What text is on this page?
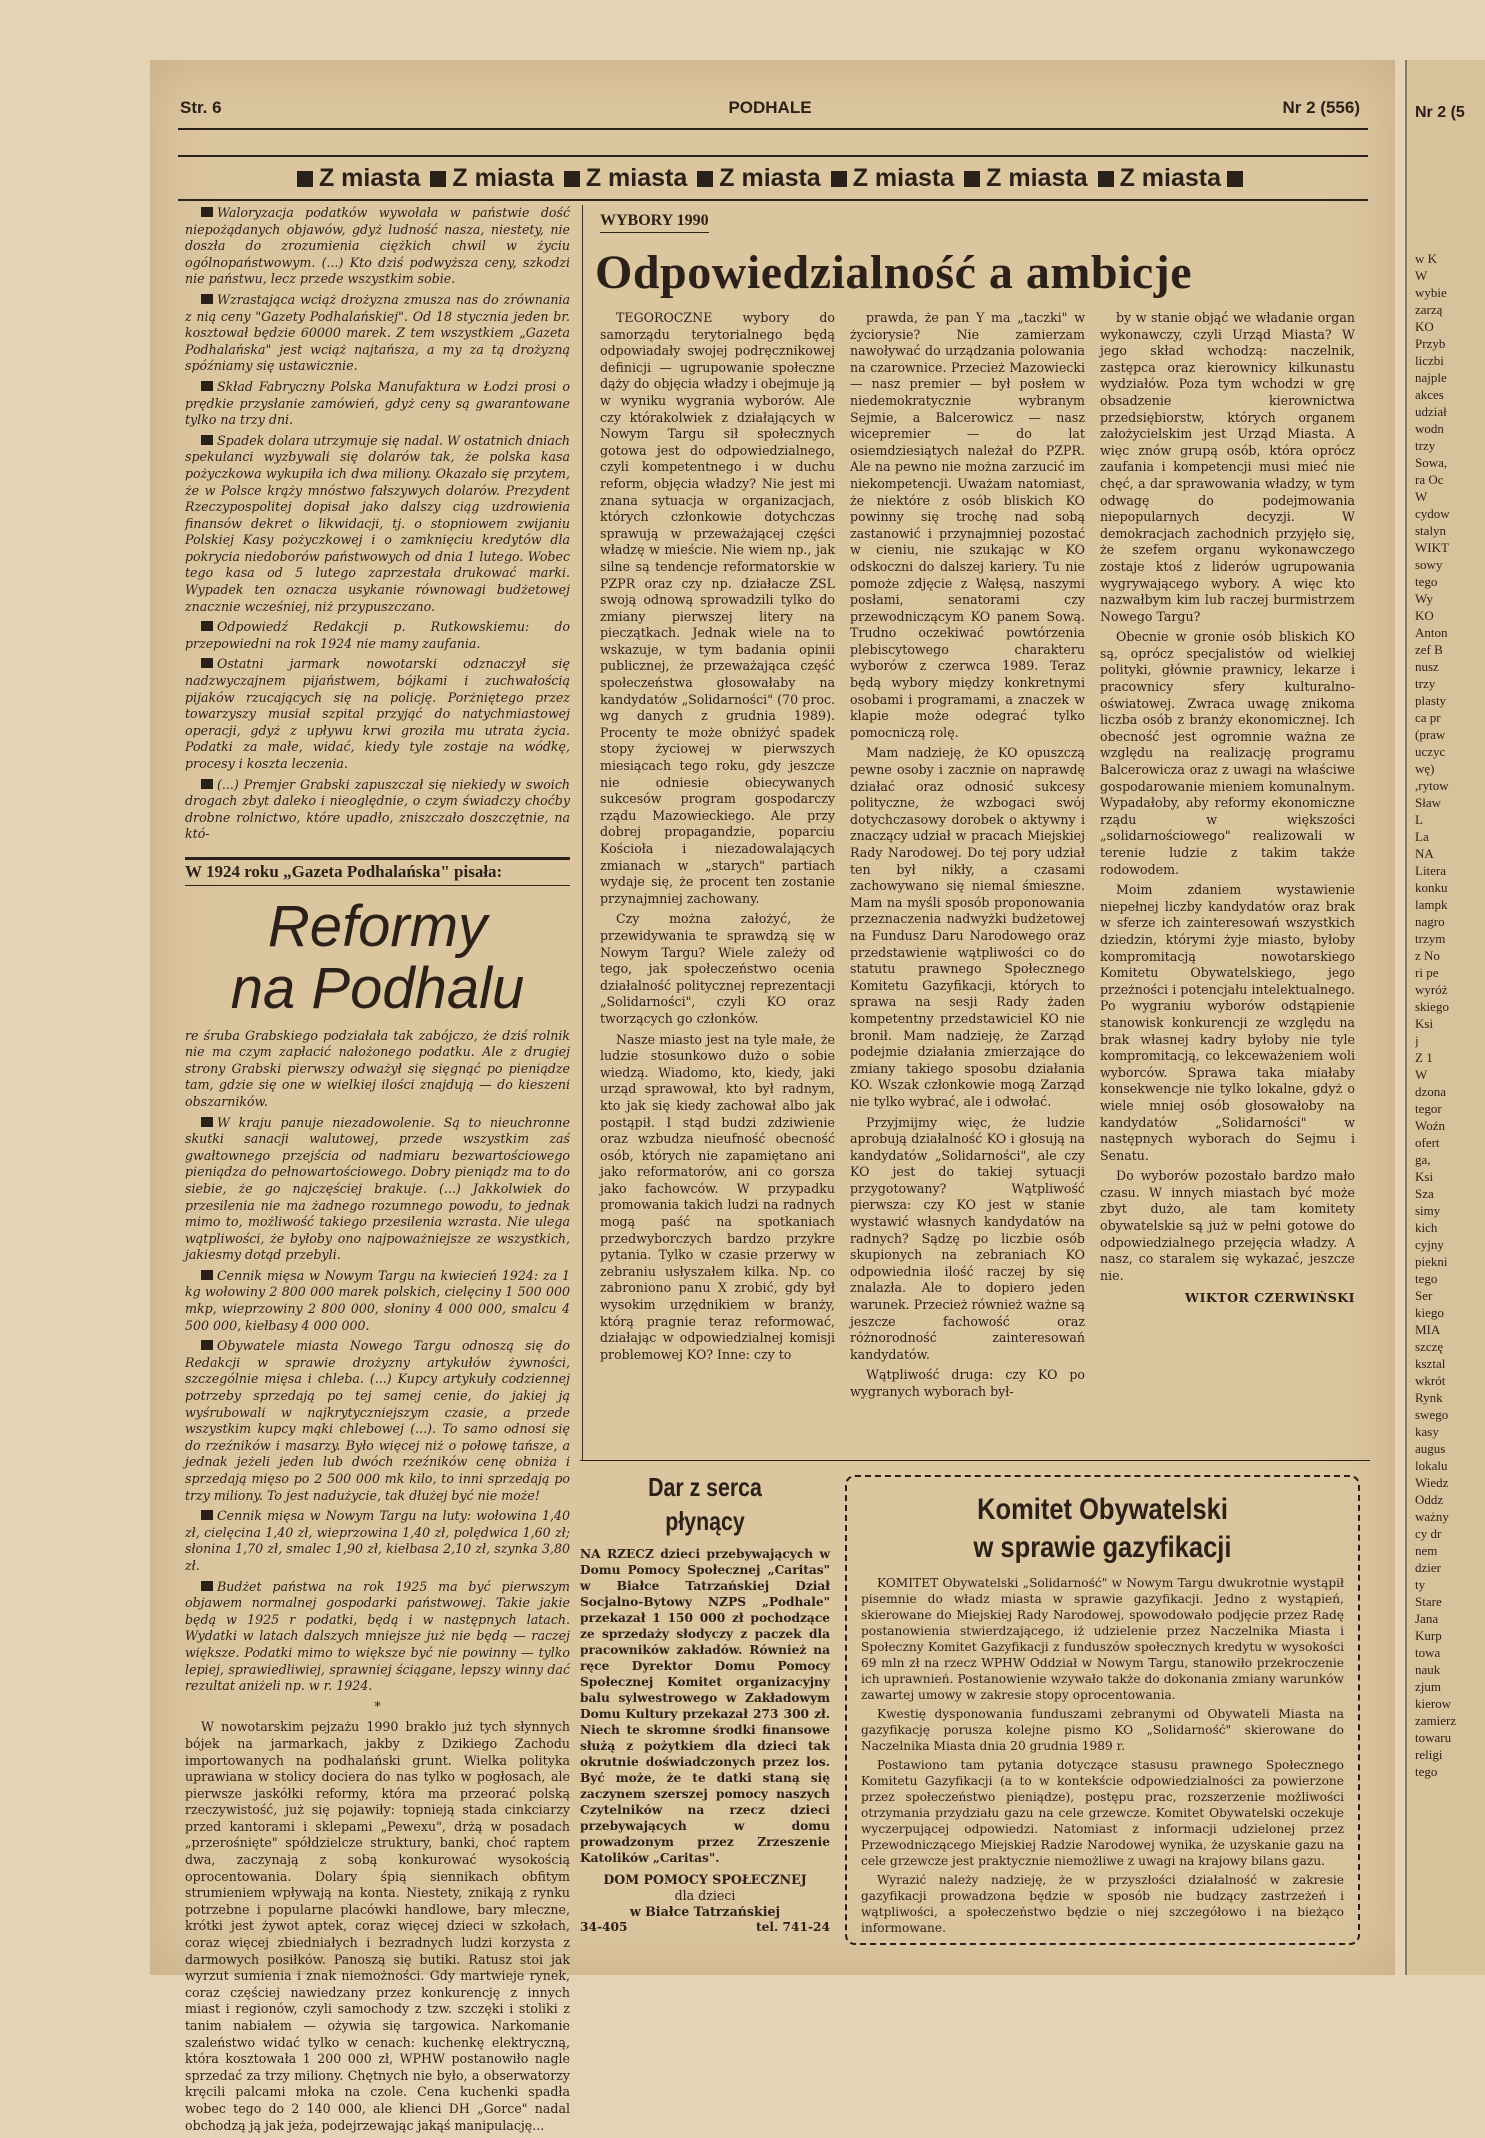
Str. 6	PODHALE	Nr 2 (556)
Z miasta	Z miasta	Z miasta	Z miasta	Z miasta	Z miasta	Z miasta

Waloryzacja podatków wywołała w państwie dość niepożądanych objawów, gdyż ludność nasza, niestety, nie doszła do zrozumienia ciężkich chwil w życiu ogólnopaństwowym. (...) Kto dziś podwyższa ceny, szkodzi nie państwu, lecz przede wszystkim sobie.

Wzrastająca wciąż drożyzna zmusza nas do zrównania z nią ceny "Gazety Podhalańskiej". Od 18 stycznia jeden br. kosztował będzie 60000 marek. Z tem wszystkiem „Gazeta Podhalańska" jest wciąż najtańsza, a my za tą drożyzną spóźniamy się ustawicznie.

Skład Fabryczny Polska Manufaktura w Łodzi prosi o prędkie przysłanie zamówień, gdyż ceny są gwarantowane tylko na trzy dni.

Spadek dolara utrzymuje się nadal. W ostatnich dniach spekulanci wyzbywali się dolarów tak, że polska kasa pożyczkowa wykupiła ich dwa miliony. Okazało się przytem, że w Polsce krąży mnóstwo fałszywych dolarów. Prezydent Rzeczypospolitej dopisał jako dalszy ciąg uzdrowienia finansów dekret o likwidacji, tj. o stopniowem zwijaniu Polskiej Kasy pożyczkowej i o zamknięciu kredytów dla pokrycia niedoborów państwowych od dnia 1 lutego. Wobec tego kasa od 5 lutego zaprzestała drukować marki. Wypadek ten oznacza usykanie równowagi budżetowej znacznie wcześniej, niż przypuszczano.

Odpowiedź Redakcji p. Rutkowskiemu: do przepowiedni na rok 1924 nie mamy zaufania.

Ostatni jarmark nowotarski odznaczył się nadzwyczajnem pijaństwem, bójkami i zuchwałością pijaków rzucających się na policję. Porżniętego przez towarzyszy musiał szpital przyjąć do natychmiastowej operacji, gdyż z upływu krwi groziła mu utrata życia. Podatki za małe, widać, kiedy tyle zostaje na wódkę, procesy i koszta leczenia.

(...) Premjer Grabski zapuszczał się niekiedy w swoich drogach zbyt daleko i nieoględnie, o czym świadczy choćby drobne rolnictwo, które upadło, zniszczało doszczętnie, na któ-

W 1924 roku „Gazeta Podhalańska" pisała:
Reformy
na Podhalu

re śruba Grabskiego podziałała tak zabójczo, że dziś rolnik nie ma czym zapłacić nałożonego podatku. Ale z drugiej strony Grabski pierwszy odważył się sięgnąć po pieniądze tam, gdzie się one w wielkiej ilości znajdują — do kieszeni obszarników.

W kraju panuje niezadowolenie. Są to nieuchronne skutki sanacji walutowej, przede wszystkim zaś gwałtownego przejścia od nadmiaru bezwartościowego pieniądza do pełnowartościowego. Dobry pieniądz ma to do siebie, że go najczęściej brakuje. (...) Jakkolwiek do przesilenia nie ma żadnego rozumnego powodu, to jednak mimo to, możliwość takiego przesilenia wzrasta. Nie ulega wątpliwości, że byłoby ono najpoważniejsze ze wszystkich, jakiesmy dotąd przebyli.

Cennik mięsa w Nowym Targu na kwiecień 1924: za 1 kg wołowiny 2 800 000 marek polskich, cielęciny 1 500 000 mkp, wieprzowiny 2 800 000, słoniny 4 000 000, smalcu 4 500 000, kiełbasy 4 000 000.

Obywatele miasta Nowego Targu odnoszą się do Redakcji w sprawie drożyzny artykułów żywności, szczególnie mięsa i chleba. (...) Kupcy artykuły codziennej potrzeby sprzedają po tej samej cenie, do jakiej ją wyśrubowali w najkrytyczniejszym czasie, a przede wszystkim kupcy mąki chlebowej (...). To samo odnosi się do rzeźników i masarzy. Było więcej niż o połowę tańsze, a jednak jeżeli jeden lub dwóch rzeźników cenę obniża i sprzedają mięso po 2 500 000 mk kilo, to inni sprzedają po trzy miliony. To jest nadużycie, tak dłużej być nie może!

Cennik mięsa w Nowym Targu na luty: wołowina 1,40 zł, cielęcina 1,40 zł, wieprzowina 1,40 zł, polędwica 1,60 zł; słonina 1,70 zł, smalec 1,90 zł, kiełbasa 2,10 zł, szynka 3,80 zł.

Budżet państwa na rok 1925 ma być pierwszym objawem normalnej gospodarki państwowej. Takie jakie będą w 1925 r podatki, będą i w następnych latach. Wydatki w latach dalszych mniejsze już nie będą — raczej większe. Podatki mimo to większe być nie powinny — tylko lepiej, sprawiedliwiej, sprawniej ściągane, lepszy winny dać rezultat aniżeli np. w r. 1924.

*

W nowotarskim pejzażu 1990 brakło już tych słynnych bójek na jarmarkach, jakby z Dzikiego Zachodu importowanych na podhalański grunt. Wielka polityka uprawiana w stolicy dociera do nas tylko w pogłosach, ale pierwsze jaskółki reformy, która ma przeorać polską rzeczywistość, już się pojawiły: topnieją stada cinkciarzy przed kantorami i sklepami „Pewexu", drżą w posadach „przerośnięte" spółdzielcze struktury, banki, choć raptem dwa, zaczynają z sobą konkurować wysokością oprocentowania. Dolary śpią siennikach obfitym strumieniem wpływają na konta. Niestety, znikają z rynku potrzebne i popularne placówki handlowe, bary mleczne, krótki jest żywot aptek, coraz więcej dzieci w szkołach, coraz więcej zbiedniałych i bezradnych ludzi korzysta z darmowych posiłków. Panoszą się butiki. Ratusz stoi jak wyrzut sumienia i znak niemożności. Gdy martwieje rynek, coraz częściej nawiedzany przez konkurencję z innych miast i regionów, czyli samochody z tzw. szczęki i stoliki z tanim nabiałem — ożywia się targowica. Narkomanie szaleństwo widać tylko w cenach: kuchenkę elektryczną, która kosztowała 1 200 000 zł, WPHW postanowiło nagle sprzedać za trzy miliony. Chętnych nie było, a obserwatorzy kręcili palcami młoka na czole. Cena kuchenki spadła wobec tego do 2 140 000, ale klienci DH „Gorce" nadal obchodzą ją jak jeża, podejrzewając jakąś manipulację...

WYBORY 1990
Odpowiedzialność a ambicje

TEGOROCZNE wybory do samorządu terytorialnego będą odpowiadały swojej podręcznikowej definicji — ugrupowanie społeczne dąży do objęcia władzy i obejmuje ją w wyniku wygrania wyborów. Ale czy którakolwiek z działających w Nowym Targu sił społecznych gotowa jest do odpowiedzialnego, czyli kompetentnego i w duchu reform, objęcia władzy? Nie jest mi znana sytuacja w organizacjach, których członkowie dotychczas sprawują w przeważającej części władzę w mieście. Nie wiem np., jak silne są tendencje reformatorskie w PZPR oraz czy np. działacze ZSL swoją odnową sprowadzili tylko do zmiany pierwszej litery na pieczątkach. Jednak wiele na to wskazuje, w tym badania opinii publicznej, że przeważająca część społeczeństwa głosowałaby na kandydatów „Solidarności" (70 proc. wg danych z grudnia 1989). Procenty te może obniżyć spadek stopy życiowej w pierwszych miesiącach tego roku, gdy jeszcze nie odniesie obiecywanych sukcesów program gospodarczy rządu Mazowieckiego. Ale przy dobrej propagandzie, poparciu Kościoła i niezadowalających zmianach w „starych" partiach wydaje się, że procent ten zostanie przynajmniej zachowany.

Czy można założyć, że przewidywania te sprawdzą się w Nowym Targu? Wiele zależy od tego, jak społeczeństwo ocenia działalność politycznej reprezentacji „Solidarności", czyli KO oraz tworzących go członków.

Nasze miasto jest na tyle małe, że ludzie stosunkowo dużo o sobie wiedzą. Wiadomo, kto, kiedy, jaki urząd sprawował, kto był radnym, kto jak się kiedy zachował albo jak postąpił. I stąd budzi zdziwienie oraz wzbudza nieufność obecność osób, których nie zapamiętano ani jako reformatorów, ani co gorsza jako fachowców. W przypadku promowania takich ludzi na radnych mogą paść na spotkaniach przedwyborczych bardzo przykre pytania. Tylko w czasie przerwy w zebraniu usłyszałem kilka. Np. co zabroniono panu X zrobić, gdy był wysokim urzędnikiem w branży, którą pragnie teraz reformować, działając w odpowiedzialnej komisji problemowej KO? Inne: czy to

prawda, że pan Y ma „taczki" w życiorysie? Nie zamierzam nawoływać do urządzania polowania na czarownice. Przecież Mazowiecki — nasz premier — był posłem w niedemokratycznie wybranym Sejmie, a Balcerowicz — nasz wicepremier — do lat osiemdziesiątych należał do PZPR. Ale na pewno nie można zarzucić im niekompetencji. Uważam natomiast, że niektóre z osób bliskich KO powinny się trochę nad sobą zastanowić i przynajmniej pozostać w cieniu, nie szukając w KO odskoczni do dalszej kariery. Tu nie pomoże zdjęcie z Wałęsą, naszymi posłami, senatorami czy przewodniczącym KO panem Sową. Trudno oczekiwać powtórzenia plebiscytowego charakteru wyborów z czerwca 1989. Teraz będą wybory między konkretnymi osobami i programami, a znaczek w klapie może odegrać tylko pomocniczą rolę.

Mam nadzieję, że KO opuszczą pewne osoby i zacznie on naprawdę działać oraz odnosić sukcesy polityczne, że wzbogaci swój dotychczasowy dorobek o aktywny i znaczący udział w pracach Miejskiej Rady Narodowej. Do tej pory udział ten był nikły, a czasami zachowywano się niemal śmieszne. Mam na myśli sposób proponowania przeznaczenia nadwyżki budżetowej na Fundusz Daru Narodowego oraz przedstawienie wątpliwości co do statutu prawnego Społecznego Komitetu Gazyfikacji, których to sprawa na sesji Rady żaden kompetentny przedstawiciel KO nie bronił. Mam nadzieję, że Zarząd podejmie działania zmierzające do zmiany takiego sposobu działania KO. Wszak członkowie mogą Zarząd nie tylko wybrać, ale i odwołać.

Przyjmijmy więc, że ludzie aprobują działalność KO i głosują na kandydatów „Solidarności", ale czy KO jest do takiej sytuacji przygotowany? Wątpliwość pierwsza: czy KO jest w stanie wystawić własnych kandydatów na radnych? Sądzę po liczbie osób skupionych na zebraniach KO odpowiednia ilość raczej by się znalazła. Ale to dopiero jeden warunek. Przecież również ważne są jeszcze fachowość oraz różnorodność zainteresowań kandydatów.

Wątpliwość druga: czy KO po wygranych wyborach był-

by w stanie objąć we władanie organ wykonawczy, czyli Urząd Miasta? W jego skład wchodzą: naczelnik, zastępca oraz kierownicy kilkunastu wydziałów. Poza tym wchodzi w grę obsadzenie kierownictwa przedsiębiorstw, których organem założycielskim jest Urząd Miasta. A więc znów grupą osób, która oprócz zaufania i kompetencji musi mieć nie chęć, a dar sprawowania władzy, w tym odwagę do podejmowania niepopularnych decyzji. W demokracjach zachodnich przyjęło się, że szefem organu wykonawczego zostaje ktoś z liderów ugrupowania wygrywającego wybory. A więc kto nazwałbym kim lub raczej burmistrzem Nowego Targu?

Obecnie w gronie osób bliskich KO są, oprócz specjalistów od wielkiej polityki, głównie prawnicy, lekarze i pracownicy sfery kulturalno-oświatowej. Zwraca uwagę znikoma liczba osób z branży ekonomicznej. Ich obecność jest ogromnie ważna ze względu na realizację programu Balcerowicza oraz z uwagi na właściwe gospodarowanie mieniem komunalnym. Wypadałoby, aby reformy ekonomiczne rządu w większości „solidarnościowego" realizowali w terenie ludzie z takim także rodowodem.

Moim zdaniem wystawienie niepełnej liczby kandydatów oraz brak w sferze ich zainteresowań wszystkich dziedzin, którymi żyje miasto, byłoby kompromitacją nowotarskiego Komitetu Obywatelskiego, jego przeżności i potencjału intelektualnego. Po wygraniu wyborów odstąpienie stanowisk konkurencji ze względu na brak własnej kadry byłoby nie tyle kompromitacją, co lekceważeniem woli wyborców. Sprawa taka miałaby konsekwencje nie tylko lokalne, gdyż o wiele mniej osób głosowałoby na kandydatów „Solidarności" w następnych wyborach do Sejmu i Senatu.

Do wyborów pozostało bardzo mało czasu. W innych miastach być może zbyt dużo, ale tam komitety obywatelskie są już w pełni gotowe do odpowiedzialnego przejęcia władzy. A nasz, co staralem się wykazać, jeszcze nie.

WIKTOR CZERWIŃSKI
Dar z serca
płynący
NA RZECZ dzieci przebywających w Domu Pomocy Społecznej „Caritas" w Białce Tatrzańskiej Dział Socjalno-Bytowy NZPS „Podhale" przekazał 1 150 000 zł pochodzące ze sprzedaży słodyczy z paczek dla pracowników zakładów. Również na ręce Dyrektor Domu Pomocy Społecznej Komitet organizacyjny balu sylwestrowego w Zakładowym Domu Kultury przekazał 273 300 zł. Niech te skromne środki finansowe służą z pożytkiem dla dzieci tak okrutnie doświadczonych przez los. Być może, że te datki staną się zaczynem szerszej pomocy naszych Czytelników na rzecz dzieci przebywających w domu prowadzonym przez Zrzeszenie Katolików „Caritas".
DOM POMOCY SPOŁECZNEJ
dla dzieci
w Białce Tatrzańskiej
34-405	tel. 741-24
Komitet Obywatelski
w sprawie gazyfikacji

KOMITET Obywatelski „Solidarność" w Nowym Targu dwukrotnie wystąpił pisemnie do władz miasta w sprawie gazyfikacji. Jedno z wystąpień, skierowane do Miejskiej Rady Narodowej, spowodowało podjęcie przez Radę postanowienia stwierdzającego, iż udzielenie przez Naczelnika Miasta i Społeczny Komitet Gazyfikacji z funduszów społecznych kredytu w wysokości 69 mln zł na rzecz WPHW Oddział w Nowym Targu, stanowiło przekroczenie ich uprawnień. Postanowienie wzywało także do dokonania zmiany warunków zawartej umowy w zakresie stopy oprocentowania.

Kwestię dysponowania funduszami zebranymi od Obywateli Miasta na gazyfikację porusza kolejne pismo KO „Solidarność" skierowane do Naczelnika Miasta dnia 20 grudnia 1989 r.

Postawiono tam pytania dotyczące stasusu prawnego Społecznego Komitetu Gazyfikacji (a to w kontekście odpowiedzialności za powierzone przez społeczeństwo pieniądze), postępu prac, rozszerzenie możliwości otrzymania przydziału gazu na cele grzewcze. Komitet Obywatelski oczekuje wyczerpującej odpowiedzi. Natomiast z informacji udzielonej przez Przewodniczącego Miejskiej Radzie Narodowej wynika, że uzyskanie gazu na cele grzewcze jest praktycznie niemożliwe z uwagi na krajowy bilans gazu.

Wyrazić należy nadzieję, że w przyszłości działalność w zakresie gazyfikacji prowadzona będzie w sposób nie budzący zastrzeżeń i wątpliwości, a społeczeństwo będzie o niej szczegółowo i na bieżąco informowane.

Nr 2 (5
w K
W
wybie
zarzą
KO
Przyb
liczbi
najple
akces
udział
wodn
trzy
Sowa,
ra Oc
W
cydow
stalyn
WIKT
sowy
tego
Wy
KO
Anton
zef B
nusz
trzy
plasty
ca pr
(praw
uczyc
wę)
,rytow
Sław
L
La
NA
Litera
konku
lampk
nagro
trzym
z No
ri pe
wyróż
skiego
Ksi
j
Z 1
W
dzona
tegor
Woźn
ofert
ga,
Ksi
Sza
simy
kich
cyjny
piekni
tego
Ser
kiego
MIA
szczę
ksztal
wkrót
Rynk
swego
kasy
augus
lokalu
Wiedz
Oddz
ważny
cy dr
nem
dzier
ty
Stare
Jana
Kurp
towa
nauk
zjum
kierow
zamierz
towaru
religi
tego
